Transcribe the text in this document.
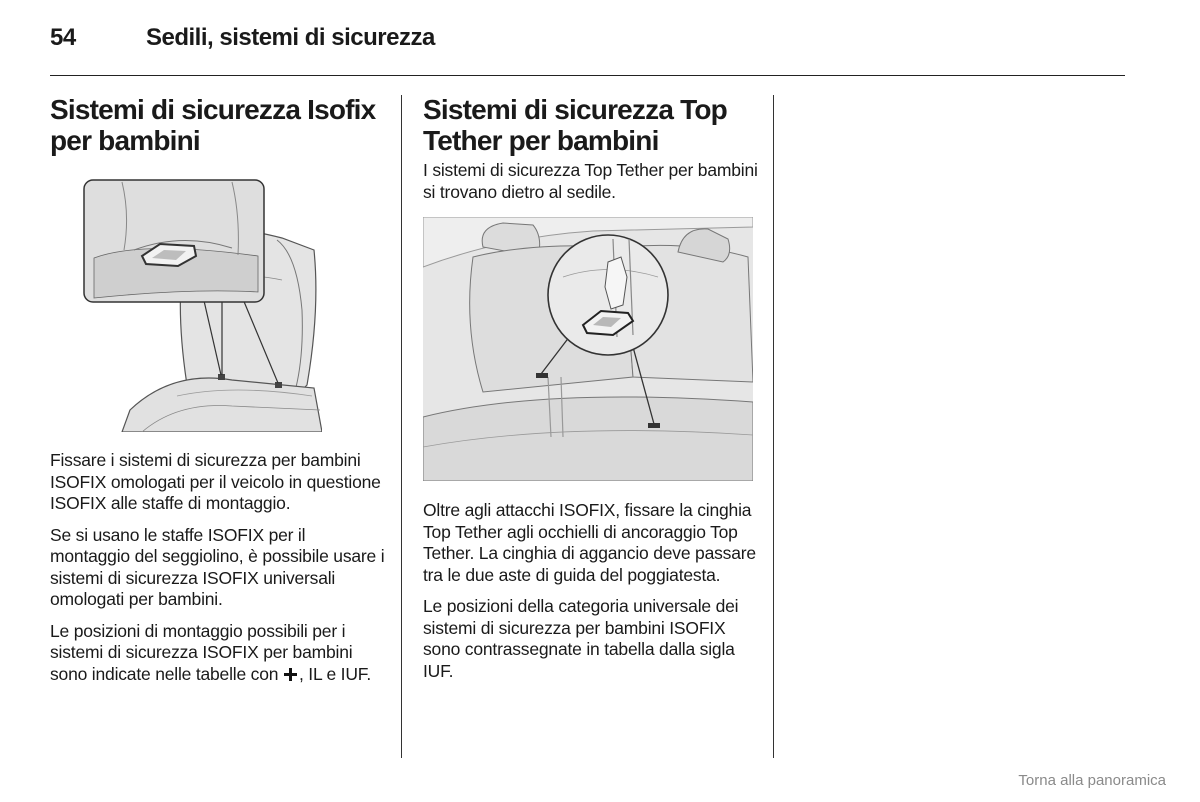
54	Sedili, sistemi di sicurezza
Sistemi di sicurezza Isofix per bambini

Fissare i sistemi di sicurezza per bambini ISOFIX omologati per il veicolo in questione ISOFIX alle staffe di montaggio.

Se si usano le staffe ISOFIX per il montaggio del seggiolino, è possibile usare i sistemi di sicurezza ISOFIX universali omologati per bambini.

Le posizioni di montaggio possibili per i sistemi di sicurezza ISOFIX per bambini sono indicate nelle tabelle con , IL e IUF.

Sistemi di sicurezza Top Tether per bambini

I sistemi di sicurezza Top Tether per bambini si trovano dietro al sedile.

Oltre agli attacchi ISOFIX, fissare la cinghia Top Tether agli occhielli di ancoraggio Top Tether. La cinghia di aggancio deve passare tra le due aste di guida del poggiatesta.

Le posizioni della categoria universale dei sistemi di sicurezza per bambini ISOFIX sono contrassegnate in tabella dalla sigla IUF.

Torna alla panoramica
